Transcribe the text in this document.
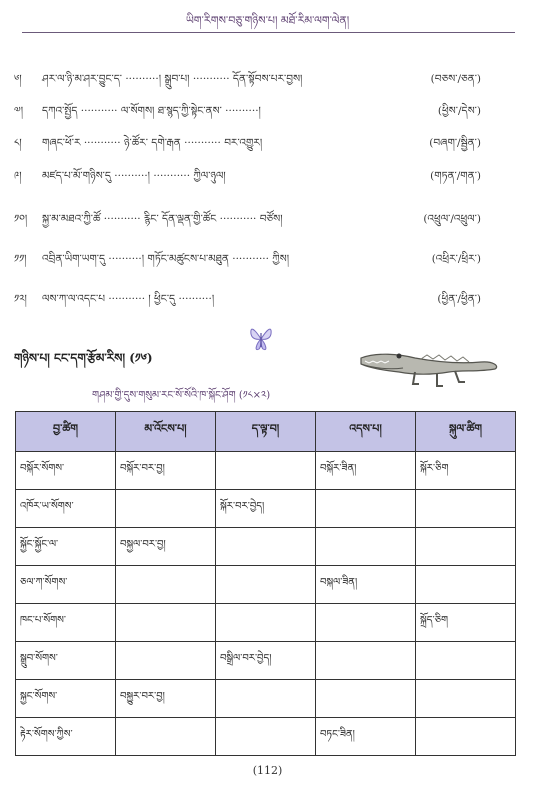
ཡིག་རིགས་བཅུ་གཉིས་པ། མཐོ་རིམ་ལག་ལེན།
༦། ཤར་ལ་ཉི་མ་ཤར་བྱུང་ད་ ··········། སྒྲུབ་པ། ··········· དོན་སྟོབས་པར་བྱས།	(བཅས་/ཅན་)
༧། དཀའ་སྤྱོད ··········· ལ་སོགས། ཐ་སྙད་ཀྱི་སྟེང་ནས་ ··········།	(ཕྱིས་/དེས་)
༨། གཞང་ཕོ་ར ··········· ཉེ་ཚོར་ དགེ་རྒན ··········· བར་འགྱུར།	(བཞག་/སྦྱིན་)
༩། མཛད་པ་མོ་གཉིས་དུ ··········། ··········· ཀྱིལ་ཉུལ།	(གཏན་/གན་)
༡༠། སྐྱ་མ་མཐའ་ཀྱི་ཚོ ··········· རྙིང་ དོན་ལྡན་གྱི་ཚོང ··········· བཙོས།	(འཕྲུལ་/འཕྲུལ་)
༡༡། འབྲིན་ཡིག་ཡག་དུ ··········། གཏོང་མཚུངས་པ་མཐུན ··········· ཀྱིས།	(འཕྲིར་/ཕྲིར་)
༡༢། ལས་ཀ་ལ་འདང་པ ··········· ། ཕྱིང་དུ ··········།	(ཕྱིན་/ཕྱིན་)
གཉིས་པ། ངང་དག་རྩོམ་རིས། (༡༦)
གཤམ་གྱི་དུས་གསུམ་རང་སོ་སོའི་ཁ་སྐོང་ཤོག (༡༨×༢)
བྱ་ཚིག	མ་འོངས་པ།	ད་ལྟ་བ།	འདས་པ།	སྐུལ་ཚིག
བསྐོར་སོགས་	བསྐོར་བར་བྱ།		བསྐོར་ཟིན།	སྐོར་ཅིག
འཁོར་ཡ་སོགས་		སྐོར་བར་བྱེད།		
སྐྱོང་སྐྱོང་ལ་	བསྐྱལ་བར་བྱ།			
ཅལ་ཀ་སོགས་			བསྐལ་ཟིན།	
ཁང་པ་སོགས་				སྐྲོད་ཅིག
སྒྲུབ་སོགས་		བསྒྲིལ་བར་བྱེད།		
སྐྱང་སོགས་	བསྐྱུར་བར་བྱ།			
རྟེར་སོགས་ཀྱིས་			བཏང་ཟིན།	
(112)
